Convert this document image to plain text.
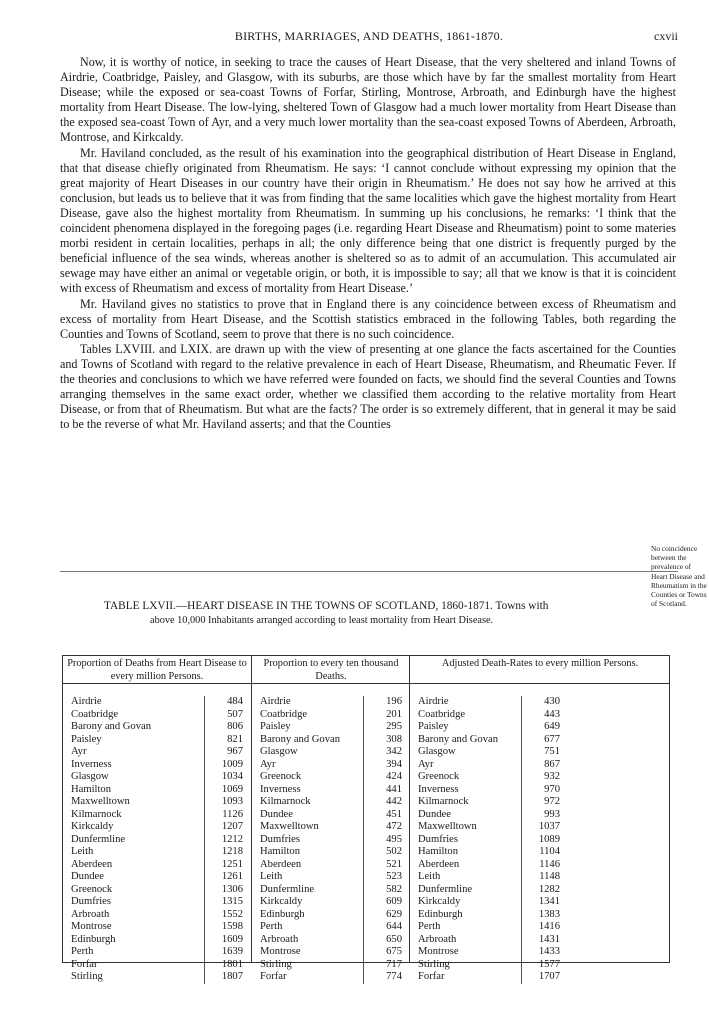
BIRTHS, MARRIAGES, AND DEATHS, 1861-1870.	cxvii

Now, it is worthy of notice, in seeking to trace the causes of Heart Disease, that the very sheltered and inland Towns of Airdrie, Coatbridge, Paisley, and Glasgow, with its suburbs, are those which have by far the smallest mortality from Heart Disease; while the exposed or sea-coast Towns of Forfar, Stirling, Montrose, Arbroath, and Edinburgh have the highest mortality from Heart Disease. The low-lying, sheltered Town of Glasgow had a much lower mortality from Heart Disease than the exposed sea-coast Town of Ayr, and a very much lower mortality than the sea-coast exposed Towns of Aberdeen, Arbroath, Montrose, and Kirkcaldy.

Mr. Haviland concluded, as the result of his examination into the geographical distribution of Heart Disease in England, that that disease chiefly originated from Rheumatism. He says: ‘I cannot conclude without expressing my opinion that the great majority of Heart Diseases in our country have their origin in Rheumatism.’ He does not say how he arrived at this conclusion, but leads us to believe that it was from finding that the same localities which gave the highest mortality from Heart Disease, gave also the highest mortality from Rheumatism. In summing up his conclusions, he remarks: ‘I think that the coincident phenomena displayed in the foregoing pages (i.e. regarding Heart Disease and Rheumatism) point to some materies morbi resident in certain localities, perhaps in all; the only difference being that one district is frequently purged by the beneficial influence of the sea winds, whereas another is sheltered so as to admit of an accumulation. This accumulated air sewage may have either an animal or vegetable origin, or both, it is impossible to say; all that we know is that it is coincident with excess of Rheumatism and excess of mortality from Heart Disease.’

Mr. Haviland gives no statistics to prove that in England there is any coincidence between excess of Rheumatism and excess of mortality from Heart Disease, and the Scottish statistics embraced in the following Tables, both regarding the Counties and Towns of Scotland, seem to prove that there is no such coincidence.

Tables LXVIII. and LXIX. are drawn up with the view of presenting at one glance the facts ascertained for the Counties and Towns of Scotland with regard to the relative prevalence in each of Heart Disease, Rheumatism, and Rheumatic Fever. If the theories and conclusions to which we have referred were founded on facts, we should find the several Counties and Towns arranging themselves in the same exact order, whether we classified them according to the relative mortality from Heart Disease, or from that of Rheumatism. But what are the facts? The order is so extremely different, that in general it may be said to be the reverse of what Mr. Haviland asserts; and that the Counties

No coincidence between the prevalence of Heart Disease and Rheumatism in the Counties or Towns of Scotland.
TABLE LXVII.—HEART DISEASE IN THE TOWNS OF SCOTLAND, 1860-1871. Towns with
above 10,000 Inhabitants arranged according to least mortality from Heart Disease.
Proportion of Deaths from Heart Disease to every million Persons.
Airdrie	484
Coatbridge	507
Barony and Govan	806
Paisley	821
Ayr	967
Inverness	1009
Glasgow	1034
Hamilton	1069
Maxwelltown	1093
Kilmarnock	1126
Kirkcaldy	1207
Dunfermline	1212
Leith	1218
Aberdeen	1251
Dundee	1261
Greenock	1306
Dumfries	1315
Arbroath	1552
Montrose	1598
Edinburgh	1609
Perth	1639
Forfar	1801
Stirling	1807
Proportion to every ten thousand Deaths.
Airdrie	196
Coatbridge	201
Paisley	295
Barony and Govan	308
Glasgow	342
Ayr	394
Greenock	424
Inverness	441
Kilmarnock	442
Dundee	451
Maxwelltown	472
Dumfries	495
Hamilton	502
Aberdeen	521
Leith	523
Dunfermline	582
Kirkcaldy	609
Edinburgh	629
Perth	644
Arbroath	650
Montrose	675
Stirling	717
Forfar	774
Adjusted Death-Rates to every million Persons.
Airdrie	430
Coatbridge	443
Paisley	649
Barony and Govan	677
Glasgow	751
Ayr	867
Greenock	932
Inverness	970
Kilmarnock	972
Dundee	993
Maxwelltown	1037
Dumfries	1089
Hamilton	1104
Aberdeen	1146
Leith	1148
Dunfermline	1282
Kirkcaldy	1341
Edinburgh	1383
Perth	1416
Arbroath	1431
Montrose	1433
Stirling	1577
Forfar	1707
